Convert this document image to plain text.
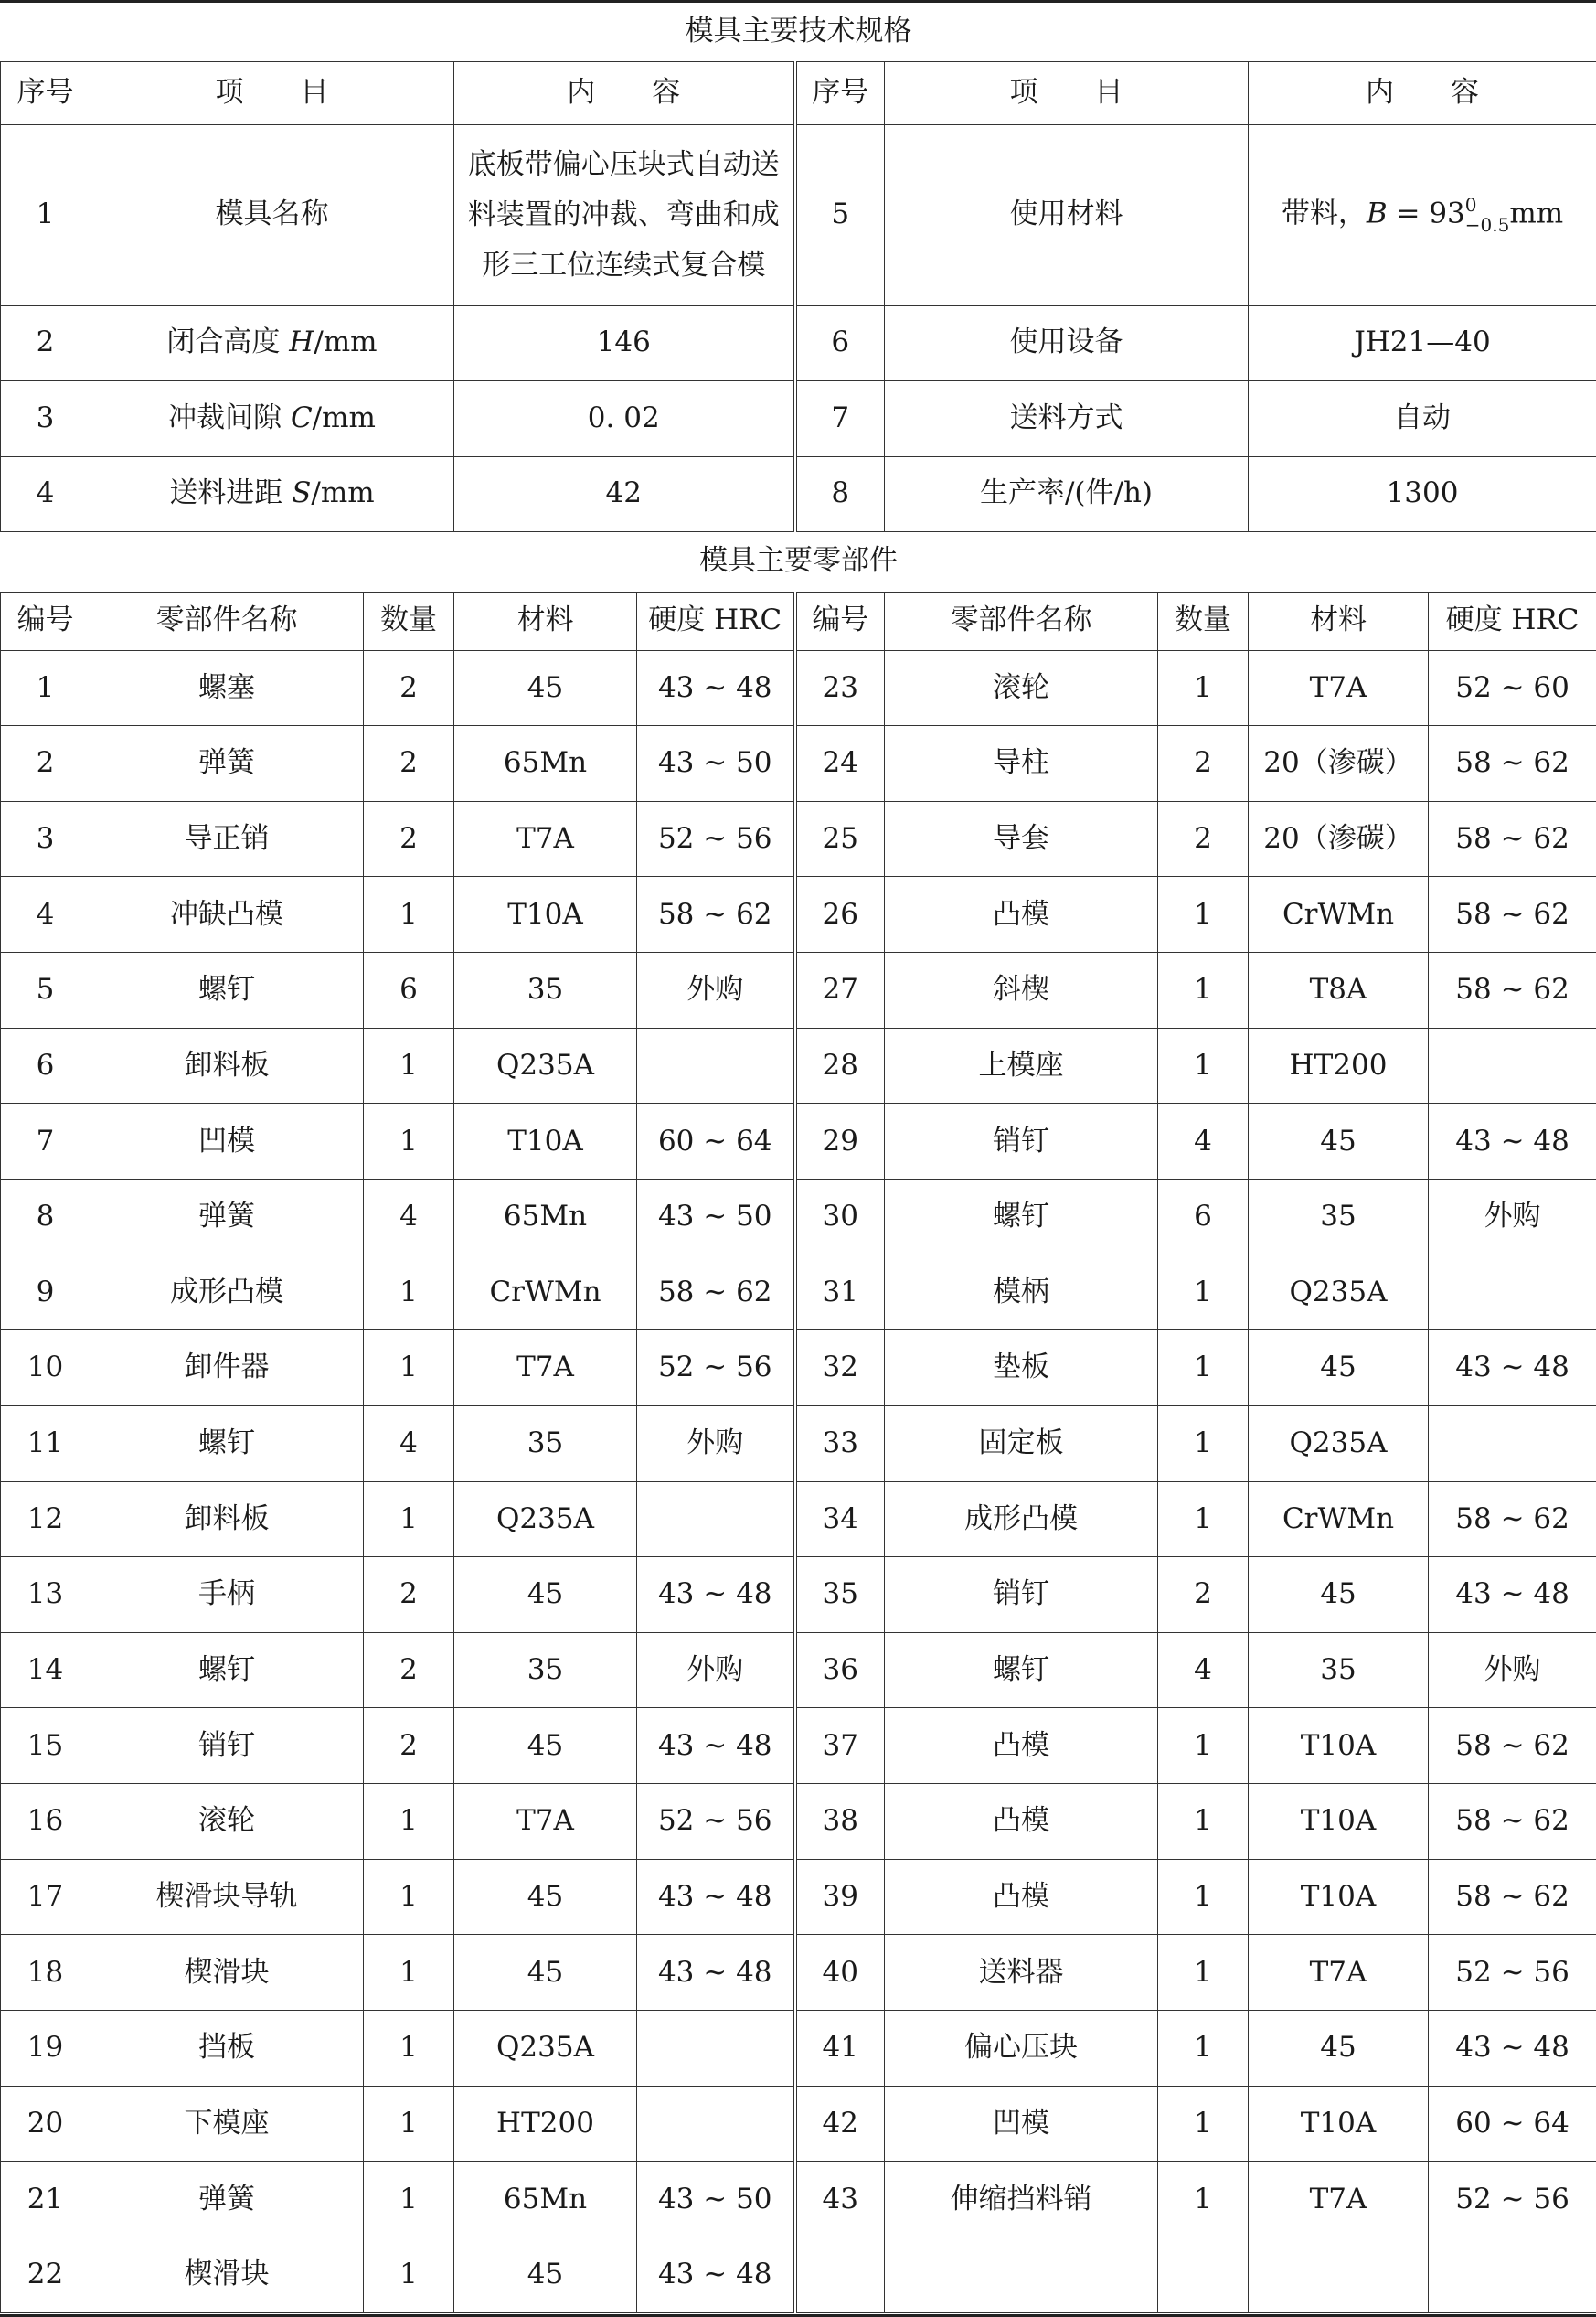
模具主要技术规格					
序号	项　　目	内　　容	序号	项　　目	内　　容
1	模具名称	底板带偏心压块式自动送料装置的冲裁、弯曲和成形三工位连续式复合模	5	使用材料	带料，B = 93 0
−0.5 mm
2	闭合高度 H/mm	146	6	使用设备	JH21—40
3	冲裁间隙 C/mm	0. 02	7	送料方式	自动
4	送料进距 S/mm	42	8	生产率/(件/h)	1300
模具主要零部件									
编号	零部件名称	数量	材料	硬度 HRC	编号	零部件名称	数量	材料	硬度 HRC
1	螺塞	2	45	43 ~ 48	23	滚轮	1	T7A	52 ~ 60
2	弹簧	2	65Mn	43 ~ 50	24	导柱	2	20（渗碳）	58 ~ 62
3	导正销	2	T7A	52 ~ 56	25	导套	2	20（渗碳）	58 ~ 62
4	冲缺凸模	1	T10A	58 ~ 62	26	凸模	1	CrWMn	58 ~ 62
5	螺钉	6	35	外购	27	斜楔	1	T8A	58 ~ 62
6	卸料板	1	Q235A		28	上模座	1	HT200	
7	凹模	1	T10A	60 ~ 64	29	销钉	4	45	43 ~ 48
8	弹簧	4	65Mn	43 ~ 50	30	螺钉	6	35	外购
9	成形凸模	1	CrWMn	58 ~ 62	31	模柄	1	Q235A	
10	卸件器	1	T7A	52 ~ 56	32	垫板	1	45	43 ~ 48
11	螺钉	4	35	外购	33	固定板	1	Q235A	
12	卸料板	1	Q235A		34	成形凸模	1	CrWMn	58 ~ 62
13	手柄	2	45	43 ~ 48	35	销钉	2	45	43 ~ 48
14	螺钉	2	35	外购	36	螺钉	4	35	外购
15	销钉	2	45	43 ~ 48	37	凸模	1	T10A	58 ~ 62
16	滚轮	1	T7A	52 ~ 56	38	凸模	1	T10A	58 ~ 62
17	楔滑块导轨	1	45	43 ~ 48	39	凸模	1	T10A	58 ~ 62
18	楔滑块	1	45	43 ~ 48	40	送料器	1	T7A	52 ~ 56
19	挡板	1	Q235A		41	偏心压块	1	45	43 ~ 48
20	下模座	1	HT200		42	凹模	1	T10A	60 ~ 64
21	弹簧	1	65Mn	43 ~ 50	43	伸缩挡料销	1	T7A	52 ~ 56
22	楔滑块	1	45	43 ~ 48					
